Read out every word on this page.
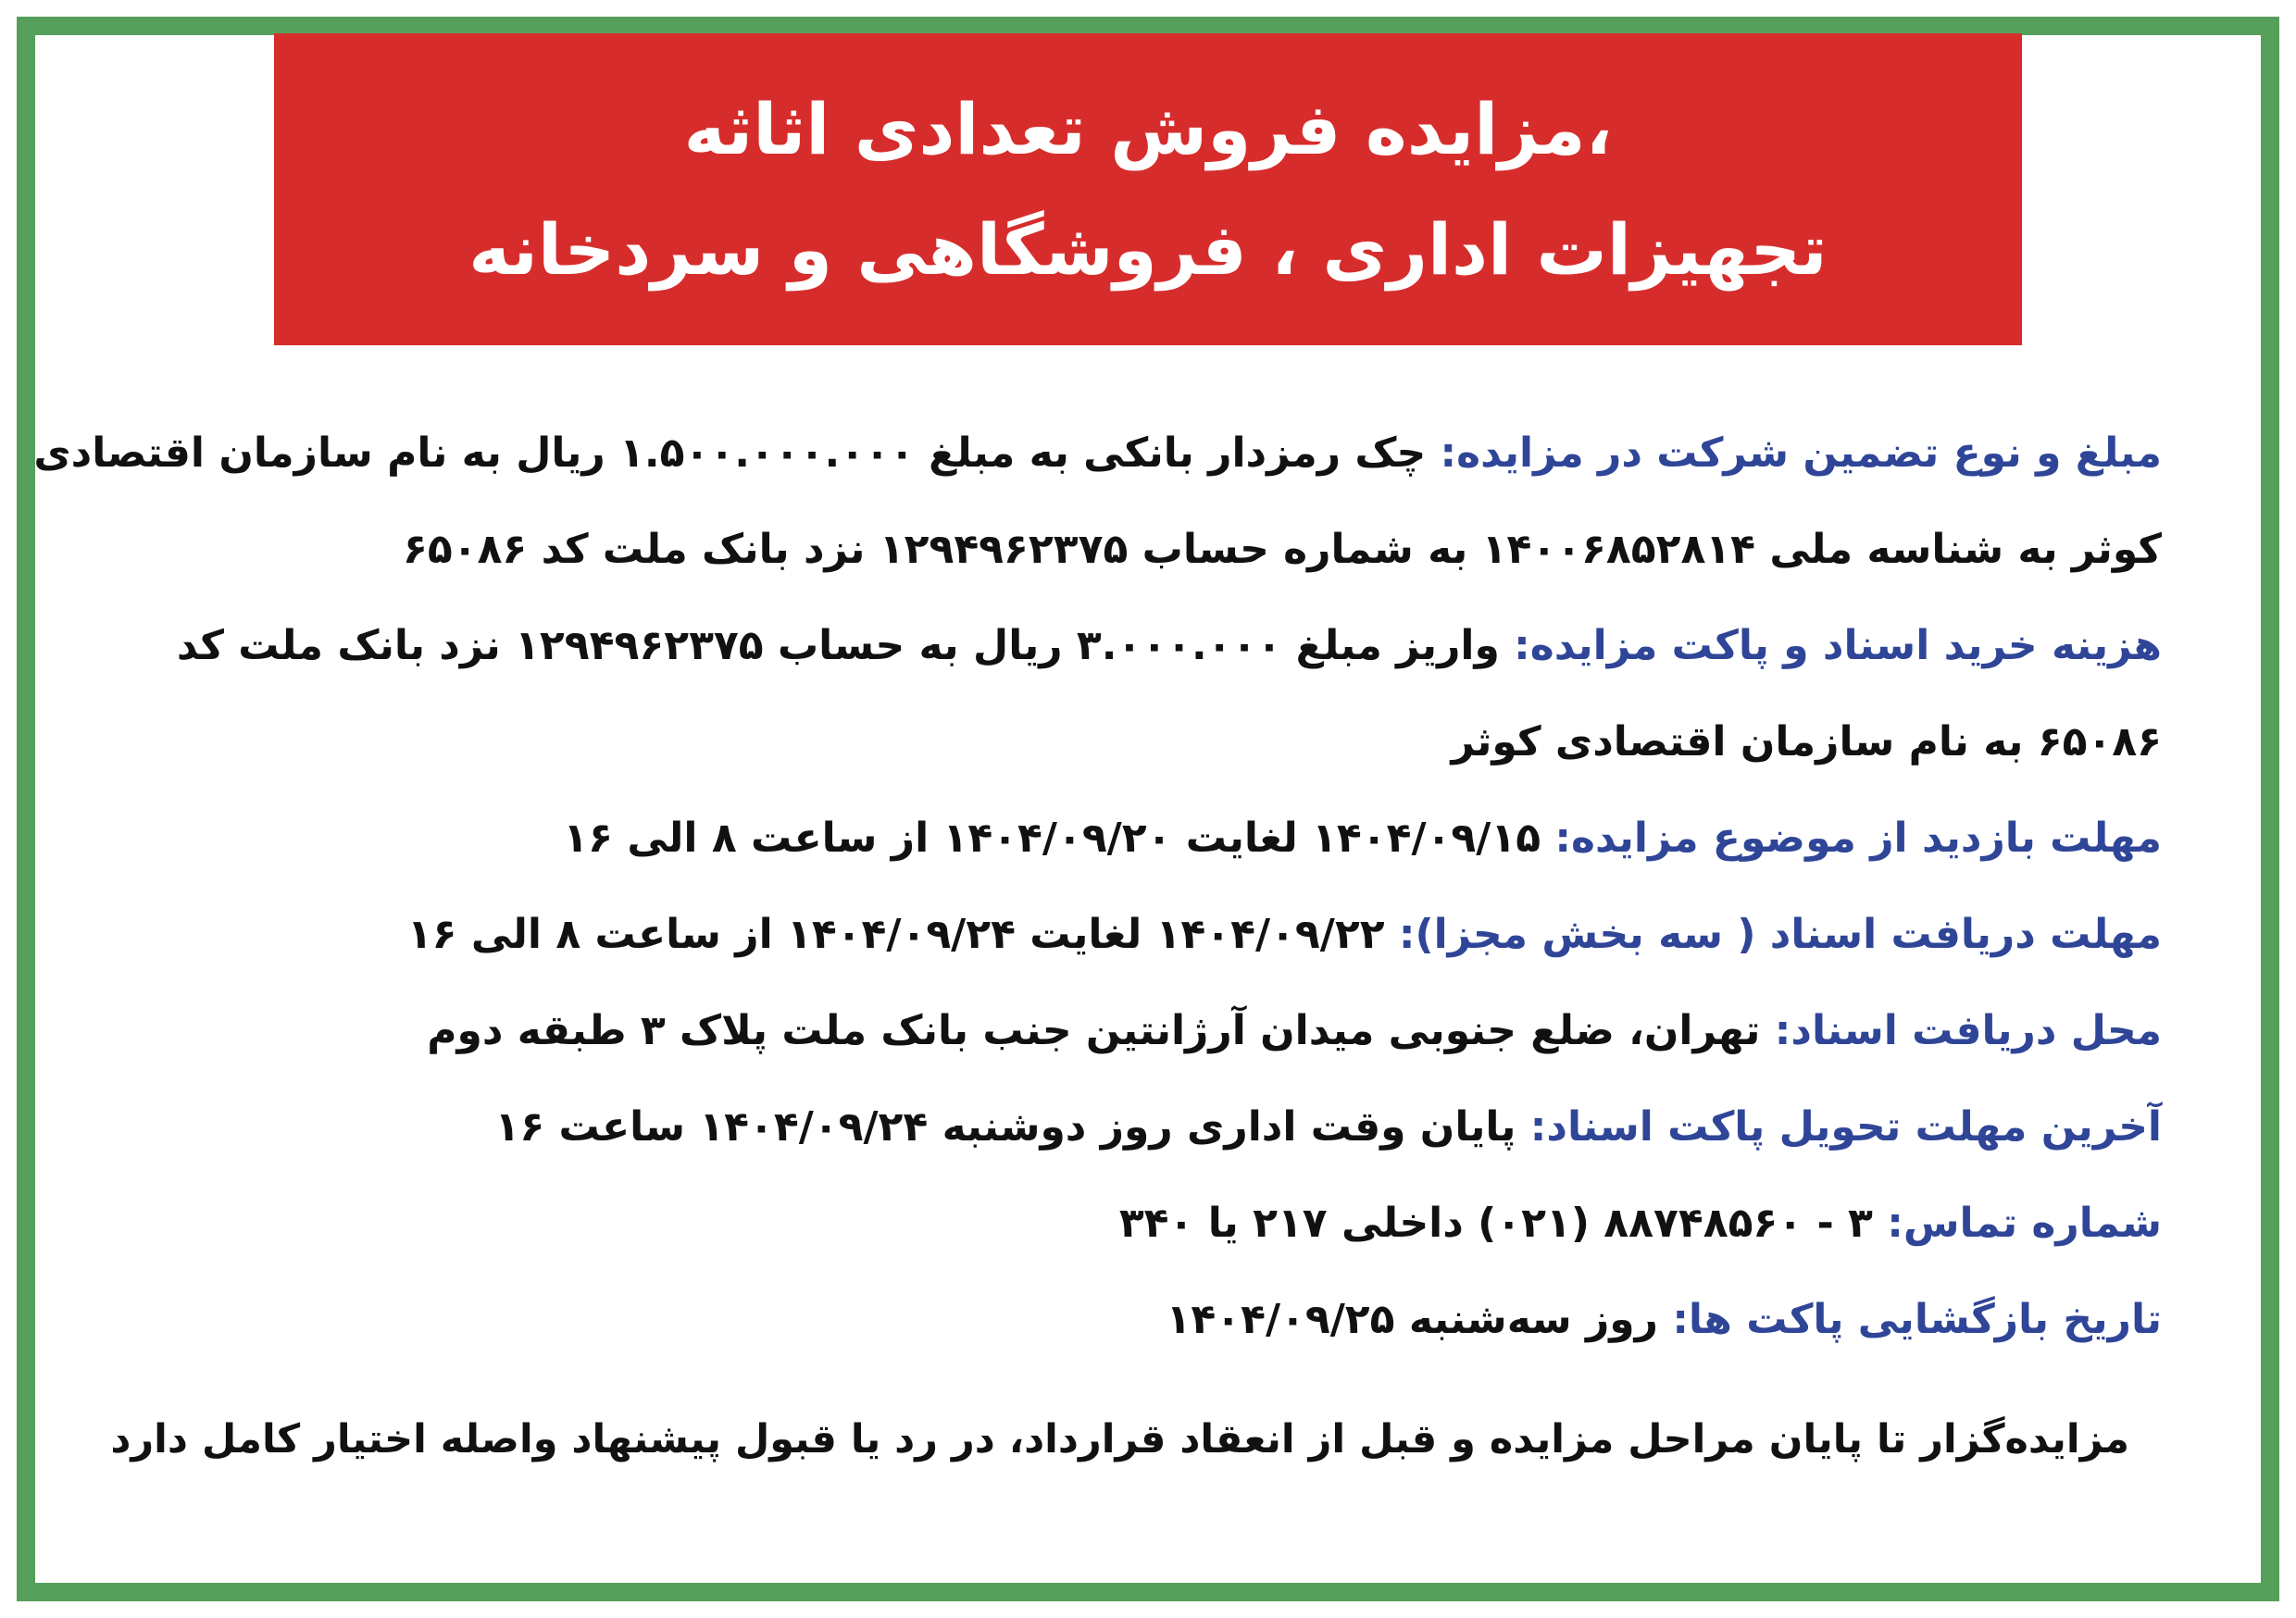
،مزایده فروش تعدادی اثاثه
تجهیزات اداری ، فروشگاهی و سردخانه
مبلغ و نوع تضمین شرکت در مزایده: چک رمزدار بانکی به مبلغ ۱.۵۰۰.۰۰۰.۰۰۰ ریال به نام سازمان اقتصادی
کوثر به شناسه ملی ۱۴۰۰۶۸۵۲۸۱۴ به شماره حساب ۱۲۹۴۹۶۲۳۷۵ نزد بانک ملت کد ۶۵۰۸۶
هزینه خرید اسناد و پاکت مزایده: واریز مبلغ ۳.۰۰۰.۰۰۰ ریال به حساب ۱۲۹۴۹۶۲۳۷۵ نزد بانک ملت کد
۶۵۰۸۶ به نام سازمان اقتصادی کوثر
مهلت بازدید از موضوع مزایده: ۱۴۰۴/۰۹/۱۵ لغایت ۱۴۰۴/۰۹/۲۰ از ساعت ۸ الی ۱۶
مهلت دریافت اسناد ( سه بخش مجزا): ۱۴۰۴/۰۹/۲۲ لغایت ۱۴۰۴/۰۹/۲۴ از ساعت ۸ الی ۱۶
محل دریافت اسناد: تهران، ضلع جنوبی میدان آرژانتین جنب بانک ملت پلاک ۳ طبقه دوم
آخرین مهلت تحویل پاکت اسناد: پایان وقت اداری روز دوشنبه ۱۴۰۴/۰۹/۲۴ ساعت ۱۶
شماره تماس: ۳ - ۸۸۷۴۸۵۶۰ (۰۲۱) داخلی ۲۱۷ یا ۳۴۰
تاریخ بازگشایی پاکت ها: روز سه‌شنبه ۱۴۰۴/۰۹/۲۵
مزایده‌گزار تا پایان مراحل مزایده و قبل از انعقاد قرارداد، در رد یا قبول پیشنهاد واصله اختیار کامل دارد
